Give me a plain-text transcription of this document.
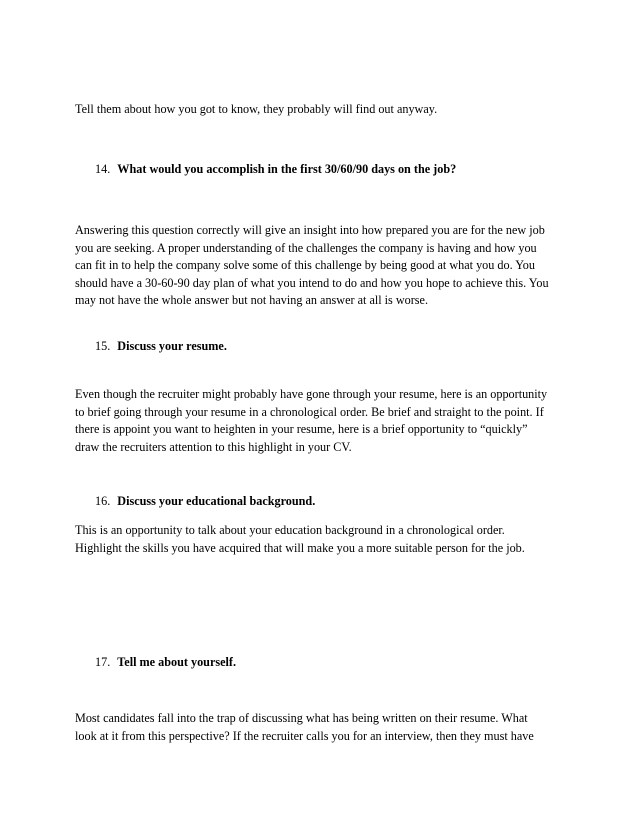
Tell them about how you got to know, they probably will find out anyway.

14. What would you accomplish in the first 30/60/90 days on the job?

Answering this question correctly will give an insight into how prepared you are for the new job
you are seeking. A proper understanding of the challenges the company is having and how you
can fit in to help the company solve some of this challenge by being good at what you do. You
should have a 30-60-90 day plan of what you intend to do and how you hope to achieve this. You
may not have the whole answer but not having an answer at all is worse.

15. Discuss your resume.

Even though the recruiter might probably have gone through your resume, here is an opportunity
to brief going through your resume in a chronological order. Be brief and straight to the point. If
there is appoint you want to heighten in your resume, here is a brief opportunity to “quickly”
draw the recruiters attention to this highlight in your CV.

16. Discuss your educational background.

This is an opportunity to talk about your education background in a chronological order.
Highlight the skills you have acquired that will make you a more suitable person for the job.

17. Tell me about yourself.

Most candidates fall into the trap of discussing what has being written on their resume. What
look at it from this perspective? If the recruiter calls you for an interview, then they must have
